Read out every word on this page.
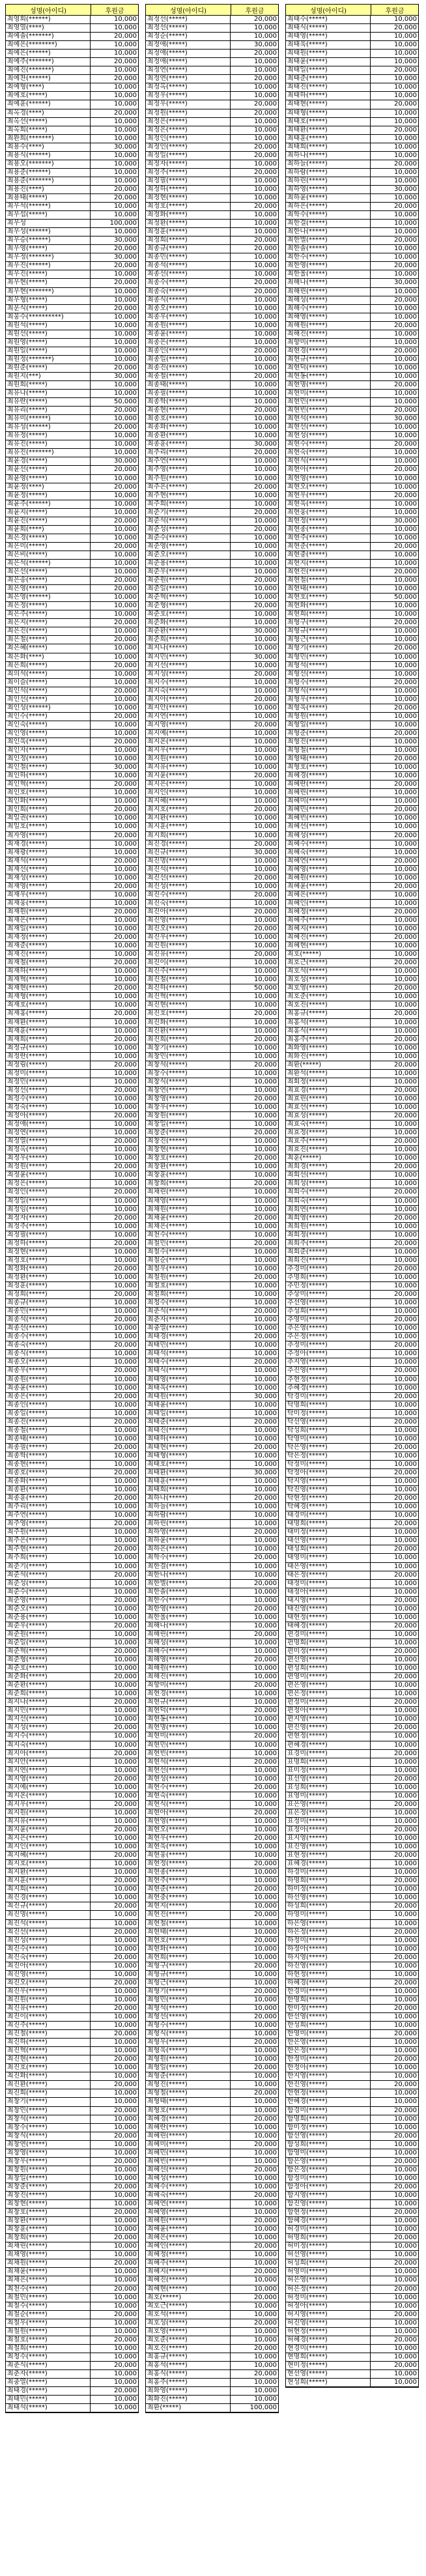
성명(아이디)	후원금
최영회(******)	10,000
최영열(****)	10,000
최예솔(*******)	20,000
최예은(********)	10,000
최예은(******)	10,000
최예주(*******)	20,000
최예진(*******)	10,000
최예찬(******)	20,000
최예형(****)	10,000
최예호(*****)	10,000
최예훈(******)	10,000
최옥경(****)	20,000
최옥선(*****)	10,000
최옥희(*****)	10,000
최완희(*******)	10,000
최용수(****)	30,000
최용식(******)	10,000
최용오(*******)	10,000
최용준(******)	10,000
최용준(*******)	10,000
최용진(****)	20,000
최용태(*****)	20,000
최우석(******)	10,000
최우섭(*****)	10,000
최우성	100,000
최우성(******)	10,000
최우승(******)	30,000
최우영(*****)	20,000
최우정(*******)	30,000
최우진(******)	20,000
최우진(*****)	10,000
최우현(*****)	20,000
최우현(*******)	10,000
최우형(*****)	10,000
최운식(*****)	20,000
최웅수(**********)	10,000
최원석(*****)	10,000
최원선(*****)	10,000
최원영(*****)	10,000
최원일(*****)	10,000
최원정(*******)	10,000
최원준(*****)	20,000
최원지(***)	30,000
최원희(*****)	10,000
최유나(*****)	10,000
최유란(*****)	50,000
최유리(*****)	20,000
최유미(******)	10,000
최유성(******)	20,000
최유정(*****)	10,000
최유진(*****)	10,000
최유진(*******)	10,000
최윤경(*****)	30,000
최윤선(*****)	20,000
최윤영(*****)	10,000
최윤정(****)	20,000
최윤정(*****)	10,000
최윤주(******)	10,000
최윤지(*****)	10,000
최윤진(*****)	20,000
최윤희(****)	10,000
최은경(*****)	10,000
최은미(*****)	20,000
최은비(*****)	10,000
최은석(******)	10,000
최은선(*****)	10,000
최은송(*****)	20,000
최은영(*****)	20,000
최은영(******)	10,000
최은정(*****)	10,000
최은주(*****)	10,000
최은지(*****)	20,000
최은진(*****)	10,000
최은철(*****)	20,000
최은혜(*****)	10,000
최은화(****)	10,000
최은희(*****)	20,000
최의석(*****)	10,000
최이슬(*****)	10,000
최인석(*****)	20,000
최인선(*****)	10,000
최인성(******)	10,000
최인수(*****)	20,000
최인숙(*****)	10,000
최인영(*****)	10,000
최인욱(*****)	20,000
최인자(*****)	10,000
최인정(*****)	10,000
최인철(*****)	30,000
최인하(*****)	10,000
최인혁(*****)	20,000
최인호(*****)	10,000
최인화(*****)	10,000
최인희(*****)	20,000
최일권(*****)	10,000
최일호(*****)	10,000
최자영(*****)	20,000
최재경(*****)	10,000
최재광(*****)	10,000
최재석(*****)	20,000
최재선(*****)	10,000
최재성(*****)	10,000
최재영(*****)	20,000
최재우(*****)	10,000
최재웅(*****)	10,000
최재원(*****)	20,000
최재은(*****)	10,000
최재일(*****)	10,000
최재정(*****)	20,000
최재준(*****)	10,000
최재진(*****)	10,000
최재철(*****)	20,000
최재하(*****)	10,000
최재혁(*****)	10,000
최재현(*****)	20,000
최재형(*****)	10,000
최재호(*****)	10,000
최재홍(*****)	20,000
최재환(*****)	10,000
최재훈(*****)	10,000
최재희(*****)	20,000
최정규(*****)	10,000
최정란(*****)	10,000
최정림(*****)	20,000
최정미(*****)	10,000
최정민(*****)	10,000
최정선(*****)	20,000
최정수(*****)	10,000
최정숙(*****)	10,000
최정아(*****)	20,000
최정애(*****)	10,000
최정연(*****)	10,000
최정열(*****)	20,000
최정옥(*****)	10,000
최정우(*****)	10,000
최정원(*****)	20,000
최정윤(*****)	10,000
최정은(*****)	10,000
최정인(*****)	20,000
최정일(*****)	10,000
최정임(*****)	10,000
최정자(*****)	20,000
최정주(*****)	10,000
최정필(*****)	10,000
최정하(*****)	20,000
최정현(*****)	10,000
최정호(*****)	10,000
최정화(*****)	20,000
최정환(*****)	10,000
최정훈(*****)	10,000
최정희(*****)	20,000
최종규(*****)	10,000
최종민(*****)	10,000
최종석(*****)	20,000
최종선(*****)	10,000
최종수(*****)	10,000
최종숙(*****)	20,000
최종식(*****)	10,000
최종오(*****)	10,000
최종우(*****)	20,000
최종원(*****)	10,000
최종윤(*****)	10,000
최종은(*****)	20,000
최종인(*****)	10,000
최종일(*****)	10,000
최종진(*****)	20,000
최종철(*****)	10,000
최종태(*****)	10,000
최종필(*****)	20,000
최종학(*****)	10,000
최종현(*****)	10,000
최종호(*****)	20,000
최종화(*****)	10,000
최종환(*****)	10,000
최종훈(*****)	20,000
최주리(*****)	10,000
최주연(*****)	10,000
최주영(*****)	20,000
최주원(*****)	10,000
최주은(*****)	10,000
최주현(*****)	20,000
최주희(*****)	10,000
최준기(*****)	10,000
최준석(*****)	20,000
최준성(*****)	10,000
최준수(*****)	10,000
최준영(*****)	20,000
최준오(*****)	10,000
최준용(*****)	10,000
최준우(*****)	20,000
최준원(*****)	10,000
최준일(*****)	10,000
최준혁(*****)	20,000
최준형(*****)	10,000
최준호(*****)	10,000
최준화(*****)	20,000
최준환(*****)	10,000
최준희(*****)	10,000
최지나(*****)	20,000
최지민(*****)	10,000
최지선(*****)	10,000
최지성(*****)	20,000
최지수(*****)	10,000
최지숙(*****)	10,000
최지아(*****)	20,000
최지안(*****)	10,000
최지연(*****)	10,000
최지영(*****)	20,000
최지예(*****)	10,000
최지온(*****)	10,000
최지우(*****)	20,000
최지원(*****)	10,000
최지유(*****)	10,000
최지윤(*****)	20,000
최지은(*****)	10,000
최지인(*****)	10,000
최지혜(*****)	20,000
최지호(*****)	10,000
최지환(*****)	10,000
최지훈(*****)	20,000
최지희(*****)	10,000
최진경(*****)	10,000
최진규(*****)	20,000
최진명(*****)	10,000
최진석(*****)	10,000
최진선(*****)	20,000
최진성(*****)	10,000
최진수(*****)	10,000
최진숙(*****)	20,000
최진아(*****)	10,000
최진영(*****)	10,000
최진오(*****)	20,000
최진우(*****)	10,000
최진원(*****)	10,000
최진유(*****)	20,000
최진이(*****)	10,000
최진주(*****)	10,000
최진철(*****)	20,000
최진하(*****)	10,000
최진혁(*****)	10,000
최진현(*****)	20,000
최진호(*****)	10,000
최진화(*****)	10,000
최진환(*****)	20,000
최진희(*****)	10,000
최창기(*****)	10,000
최창민(*****)	20,000
최창석(*****)	10,000
최창수(*****)	10,000
최창식(*****)	20,000
최창연(*****)	10,000
최창영(*****)	10,000
최창우(*****)	20,000
최창원(*****)	10,000
최창일(*****)	10,000
최창준(*****)	20,000
최창진(*****)	10,000
최창현(*****)	10,000
최창호(*****)	20,000
최창환(*****)	10,000
최창훈(*****)	10,000
최창희(*****)	20,000
최채린(*****)	10,000
최채영(*****)	10,000
최채원(*****)	20,000
최채윤(*****)	10,000
최채은(*****)	10,000
최천수(*****)	20,000
최철민(*****)	10,000
최철수(*****)	10,000
최철순(*****)	20,000
최철우(*****)	10,000
최철원(*****)	10,000
최철호(*****)	20,000
최철희(*****)	10,000
최청수(*****)	10,000
최춘식(*****)	20,000
최춘자(*****)	10,000
최충열(*****)	10,000
최태경(*****)	20,000
최태민(*****)	10,000
최태석(*****)	10,000
성명(아이디)	후원금
최정선(*****)	20,000
최정선(*****)	10,000
최정순(*****)	10,000
최정애(*****)	30,000
최정애(*****)	20,000
최정애(*****)	10,000
최정연(*****)	10,000
최정연(*****)	20,000
최정옥(*****)	10,000
최정우(*****)	10,000
최정우(*****)	20,000
최정원(*****)	20,000
최정은(*****)	10,000
최정은(*****)	10,000
최정인(*****)	10,000
최정인(*****)	20,000
최정일(*****)	20,000
최정자(*****)	10,000
최정주(*****)	20,000
최정필(*****)	10,000
최정하(*****)	10,000
최정현(*****)	10,000
최정호(*****)	20,000
최정화(*****)	10,000
최정환(*****)	10,000
최정훈(*****)	10,000
최정희(*****)	20,000
최종규(*****)	20,000
최종민(*****)	10,000
최종석(*****)	10,000
최종선(*****)	10,000
최종수(*****)	20,000
최종숙(*****)	20,000
최종식(*****)	10,000
최종오(*****)	10,000
최종우(*****)	10,000
최종원(*****)	10,000
최종윤(*****)	10,000
최종은(*****)	10,000
최종인(*****)	20,000
최종일(*****)	10,000
최종진(*****)	10,000
최종철(*****)	20,000
최종태(*****)	10,000
최종필(*****)	10,000
최종학(*****)	10,000
최종현(*****)	20,000
최종호(*****)	10,000
최종화(*****)	10,000
최종환(*****)	10,000
최종훈(*****)	30,000
최주리(*****)	20,000
최주연(*****)	10,000
최주영(*****)	10,000
최주원(*****)	10,000
최주은(*****)	20,000
최주현(*****)	10,000
최주희(*****)	10,000
최준기(*****)	20,000
최준석(*****)	10,000
최준성(*****)	20,000
최준수(*****)	10,000
최준영(*****)	10,000
최준오(*****)	10,000
최준용(*****)	10,000
최준우(*****)	10,000
최준원(*****)	20,000
최준일(*****)	10,000
최준혁(*****)	10,000
최준형(*****)	20,000
최준호(*****)	10,000
최준화(*****)	10,000
최준환(*****)	30,000
최준희(*****)	10,000
최지나(*****)	10,000
최지민(*****)	30,000
최지선(*****)	10,000
최지성(*****)	20,000
최지수(*****)	10,000
최지숙(*****)	10,000
최지아(*****)	20,000
최지안(*****)	10,000
최지연(*****)	10,000
최지영(*****)	20,000
최지예(*****)	10,000
최지온(*****)	10,000
최지우(*****)	10,000
최지원(*****)	10,000
최지유(*****)	10,000
최지윤(*****)	20,000
최지은(*****)	10,000
최지인(*****)	10,000
최지혜(*****)	10,000
최지호(*****)	20,000
최지환(*****)	10,000
최지훈(*****)	10,000
최지희(*****)	10,000
최진경(*****)	20,000
최진규(*****)	30,000
최진명(*****)	10,000
최진석(*****)	10,000
최진선(*****)	20,000
최진성(*****)	10,000
최진수(*****)	20,000
최진숙(*****)	10,000
최진아(*****)	20,000
최진영(*****)	10,000
최진오(*****)	20,000
최진우(*****)	10,000
최진원(*****)	10,000
최진유(*****)	20,000
최진이(*****)	10,000
최진주(*****)	10,000
최진철(*****)	10,000
최진하(*****)	50,000
최진혁(*****)	10,000
최진현(*****)	10,000
최진호(*****)	20,000
최진화(*****)	10,000
최진환(*****)	10,000
최진희(*****)	20,000
최창기(*****)	10,000
최창민(*****)	10,000
최창석(*****)	20,000
최창수(*****)	10,000
최창식(*****)	10,000
최창연(*****)	10,000
최창영(*****)	20,000
최창우(*****)	10,000
최창원(*****)	10,000
최창일(*****)	10,000
최창준(*****)	20,000
최창진(*****)	10,000
최창현(*****)	10,000
최창호(*****)	20,000
최창환(*****)	10,000
최창훈(*****)	10,000
최창희(*****)	20,000
최채린(*****)	10,000
최채영(*****)	10,000
최채원(*****)	10,000
최채윤(*****)	20,000
최채은(*****)	10,000
최천수(*****)	10,000
최철민(*****)	20,000
최철수(*****)	10,000
최철순(*****)	10,000
최철우(*****)	10,000
최철원(*****)	20,000
최철호(*****)	10,000
최철희(*****)	10,000
최청수(*****)	10,000
최춘식(*****)	20,000
최춘자(*****)	10,000
최충열(*****)	10,000
최태경(*****)	20,000
최태민(*****)	10,000
최태석(*****)	10,000
최태수(*****)	20,000
최태식(*****)	10,000
최태영(*****)	10,000
최태욱(*****)	10,000
최태원(*****)	30,000
최태윤(*****)	10,000
최태일(*****)	10,000
최태준(*****)	20,000
최태진(*****)	10,000
최태하(*****)	10,000
최태현(*****)	20,000
최태형(*****)	10,000
최태호(*****)	10,000
최태환(*****)	30,000
최태훈(*****)	10,000
최태희(*****)	10,000
최하나(*****)	20,000
최하늘(*****)	10,000
최하람(*****)	10,000
최하린(*****)	10,000
최하영(*****)	20,000
최하윤(*****)	10,000
최하은(*****)	10,000
최학수(*****)	20,000
최한결(*****)	10,000
최한나(*****)	10,000
최한별(*****)	20,000
최한솔(*****)	10,000
최한수(*****)	10,000
최한영(*****)	20,000
최한울(*****)	10,000
최해나(*****)	10,000
최해린(*****)	20,000
최해성(*****)	10,000
최해수(*****)	10,000
최해영(*****)	20,000
최해원(*****)	10,000
최해진(*****)	10,000
최향미(*****)	20,000
최현경(*****)	10,000
최현규(*****)	10,000
최현덕(*****)	20,000
최현동(*****)	10,000
최현명(*****)	10,000
최현미(*****)	20,000
최현민(*****)	10,000
최현빈(*****)	10,000
최현석(*****)	20,000
최현선(*****)	10,000
최현성(*****)	10,000
최현수(*****)	20,000
최현숙(*****)	10,000
최현식(*****)	10,000
최현아(*****)	20,000
최현영(*****)	10,000
최현오(*****)	10,000
최현우(*****)	20,000
최현욱(*****)	10,000
최현웅(*****)	10,000
최현정(*****)	20,000
최현종(*****)	10,000
최현주(*****)	10,000
최현준(*****)	20,000
최현중(*****)	10,000
최현지(*****)	10,000
최현진(*****)	20,000
최현철(*****)	10,000
최현태(*****)	10,000
최현호(*****)	20,000
최현화(*****)	10,000
최현희(*****)	10,000
최형구(*****)	20,000
최형규(*****)	10,000
최형근(*****)	10,000
최형기(*****)	20,000
최형민(*****)	10,000
최형석(*****)	10,000
최형선(*****)	20,000
최형수(*****)	10,000
최형식(*****)	10,000
최형우(*****)	20,000
최형욱(*****)	10,000
최형원(*****)	10,000
최형일(*****)	20,000
최형준(*****)	10,000
최형진(*****)	10,000
최형철(*****)	20,000
최형태(*****)	10,000
최형호(*****)	10,000
최혜경(*****)	20,000
최혜란(*****)	10,000
최혜린(*****)	10,000
최혜미(*****)	20,000
최혜민(*****)	10,000
최혜빈(*****)	10,000
최혜선(*****)	20,000
최혜성(*****)	10,000
최혜수(*****)	10,000
최혜숙(*****)	20,000
최혜연(*****)	10,000
최혜영(*****)	10,000
최혜원(*****)	20,000
최혜윤(*****)	10,000
최혜은(*****)	10,000
최혜인(*****)	20,000
최혜정(*****)	10,000
최혜주(*****)	10,000
최혜지(*****)	20,000
최혜진(*****)	10,000
최혜현(*****)	10,000
최호(*****)	20,000
최호근(*****)	10,000
최호석(*****)	10,000
최호성(*****)	20,000
최호영(*****)	10,000
최호준(*****)	10,000
최호진(*****)	20,000
최홍규(*****)	10,000
최홍석(*****)	10,000
최홍식(*****)	20,000
최홍주(*****)	10,000
최화영(*****)	10,000
최화진(*****)	10,000
최환(*****)	100,000
성명(아이디)	후원금
최태수(*****)	10,000
최태식(*****)	20,000
최태영(*****)	10,000
최태욱(*****)	10,000
최태원(*****)	10,000
최태윤(*****)	10,000
최태일(*****)	20,000
최태준(*****)	10,000
최태진(*****)	10,000
최태하(*****)	10,000
최태현(*****)	20,000
최태형(*****)	10,000
최태호(*****)	10,000
최태환(*****)	20,000
최태훈(*****)	10,000
최태희(*****)	10,000
최하나(*****)	10,000
최하늘(*****)	20,000
최하람(*****)	10,000
최하린(*****)	10,000
최하영(*****)	30,000
최하윤(*****)	10,000
최하은(*****)	20,000
최학수(*****)	10,000
최한결(*****)	10,000
최한나(*****)	10,000
최한별(*****)	20,000
최한솔(*****)	10,000
최한수(*****)	10,000
최한영(*****)	20,000
최한울(*****)	10,000
최해나(*****)	30,000
최해린(*****)	10,000
최해성(*****)	20,000
최해수(*****)	10,000
최해영(*****)	10,000
최해원(*****)	20,000
최해진(*****)	10,000
최향미(*****)	10,000
최현경(*****)	20,000
최현규(*****)	10,000
최현덕(*****)	10,000
최현동(*****)	10,000
최현명(*****)	20,000
최현미(*****)	10,000
최현민(*****)	10,000
최현빈(*****)	20,000
최현석(*****)	30,000
최현선(*****)	10,000
최현성(*****)	10,000
최현수(*****)	20,000
최현숙(*****)	10,000
최현식(*****)	10,000
최현아(*****)	20,000
최현영(*****)	10,000
최현오(*****)	10,000
최현우(*****)	20,000
최현욱(*****)	10,000
최현웅(*****)	10,000
최현정(*****)	30,000
최현종(*****)	10,000
최현주(*****)	10,000
최현준(*****)	20,000
최현중(*****)	10,000
최현지(*****)	10,000
최현진(*****)	20,000
최현철(*****)	10,000
최현태(*****)	10,000
최현호(*****)	50,000
최현화(*****)	10,000
최현희(*****)	10,000
최형구(*****)	20,000
최형규(*****)	10,000
최형근(*****)	10,000
최형기(*****)	20,000
최형민(*****)	10,000
최형석(*****)	10,000
최형선(*****)	10,000
최형수(*****)	20,000
최형식(*****)	10,000
최형우(*****)	10,000
최형욱(*****)	20,000
최형원(*****)	10,000
최형일(*****)	10,000
최형준(*****)	20,000
최형진(*****)	10,000
최형철(*****)	10,000
최형태(*****)	20,000
최형호(*****)	10,000
최혜경(*****)	10,000
최혜란(*****)	20,000
최혜린(*****)	10,000
최혜미(*****)	10,000
최혜민(*****)	20,000
최혜빈(*****)	10,000
최혜선(*****)	10,000
최혜성(*****)	20,000
최혜수(*****)	10,000
최혜숙(*****)	10,000
최혜연(*****)	20,000
최혜영(*****)	10,000
최혜원(*****)	10,000
최혜윤(*****)	20,000
최혜은(*****)	10,000
최혜인(*****)	10,000
최혜정(*****)	20,000
최혜주(*****)	10,000
최혜지(*****)	10,000
최혜진(*****)	20,000
최혜현(*****)	10,000
최호(*****)	10,000
최호근(*****)	20,000
최호석(*****)	10,000
최호성(*****)	10,000
최호영(*****)	20,000
최호준(*****)	10,000
최호진(*****)	10,000
최홍규(*****)	20,000
최홍석(*****)	10,000
최홍식(*****)	10,000
최홍주(*****)	20,000
최화영(*****)	10,000
최화진(*****)	10,000
최환(*****)	20,000
최환석(*****)	10,000
최회정(*****)	10,000
최효경(*****)	20,000
최효린(*****)	10,000
최효선(*****)	10,000
최효성(*****)	20,000
최효숙(*****)	10,000
최효정(*****)	10,000
최효주(*****)	20,000
최효진(*****)	10,000
최훈(*****)	10,000
최희경(*****)	20,000
최희선(*****)	10,000
최희성(*****)	10,000
최희수(*****)	20,000
최희숙(*****)	10,000
최희연(*****)	10,000
최희영(*****)	20,000
최희원(*****)	10,000
최희정(*****)	10,000
최희주(*****)	20,000
최희준(*****)	10,000
최희진(*****)	10,000
추경미(*****)	20,000
추명희(*****)	10,000
추민정(*****)	10,000
추상미(*****)	20,000
추선영(*****)	10,000
추성희(*****)	10,000
추영미(*****)	20,000
추은영(*****)	10,000
추은정(*****)	10,000
추정미(*****)	20,000
추정아(*****)	10,000
추지영(*****)	10,000
추진영(*****)	20,000
추현정(*****)	10,000
추혜경(*****)	10,000
탁경미(*****)	20,000
탁명희(*****)	10,000
탁미정(*****)	10,000
탁선영(*****)	20,000
탁성희(*****)	10,000
탁영미(*****)	10,000
탁은영(*****)	20,000
탁은정(*****)	10,000
탁정미(*****)	10,000
탁정아(*****)	20,000
탁지영(*****)	10,000
탁진영(*****)	10,000
탁현정(*****)	20,000
탁혜경(*****)	10,000
태경미(*****)	10,000
태명희(*****)	20,000
태미정(*****)	10,000
태선영(*****)	10,000
태성희(*****)	20,000
태영미(*****)	10,000
태은영(*****)	10,000
태은정(*****)	20,000
태정미(*****)	10,000
태정아(*****)	10,000
태지영(*****)	20,000
태진영(*****)	10,000
태현정(*****)	10,000
태혜경(*****)	20,000
편경미(*****)	10,000
편명희(*****)	10,000
편미정(*****)	20,000
편선영(*****)	10,000
편성희(*****)	10,000
편영미(*****)	20,000
편은영(*****)	10,000
편은정(*****)	10,000
편정미(*****)	20,000
편정아(*****)	10,000
편지영(*****)	10,000
편진영(*****)	20,000
편현정(*****)	10,000
편혜경(*****)	10,000
표경미(*****)	20,000
표명희(*****)	10,000
표미정(*****)	10,000
표선영(*****)	20,000
표성희(*****)	10,000
표영미(*****)	10,000
표은영(*****)	20,000
표은정(*****)	10,000
표정미(*****)	10,000
표정아(*****)	20,000
표지영(*****)	10,000
표진영(*****)	10,000
표현정(*****)	20,000
표혜경(*****)	10,000
하경미(*****)	10,000
하명희(*****)	20,000
하미정(*****)	10,000
하선영(*****)	10,000
하성희(*****)	20,000
하영미(*****)	10,000
하은영(*****)	10,000
하은정(*****)	20,000
하정미(*****)	10,000
하정아(*****)	10,000
하지영(*****)	20,000
하진영(*****)	10,000
하현정(*****)	10,000
하혜경(*****)	20,000
한경미(*****)	10,000
한명희(*****)	10,000
한미정(*****)	20,000
한선영(*****)	10,000
한성희(*****)	10,000
한영미(*****)	20,000
한은영(*****)	10,000
한은정(*****)	10,000
한정미(*****)	20,000
한정아(*****)	10,000
한지영(*****)	10,000
한진영(*****)	20,000
한현정(*****)	10,000
한혜경(*****)	10,000
함경미(*****)	20,000
함명희(*****)	10,000
함미정(*****)	10,000
함선영(*****)	20,000
함성희(*****)	10,000
함영미(*****)	10,000
함은영(*****)	20,000
함은정(*****)	10,000
함정미(*****)	10,000
함정아(*****)	20,000
함지영(*****)	10,000
함진영(*****)	10,000
함현정(*****)	20,000
함혜경(*****)	10,000
허경미(*****)	10,000
허명희(*****)	20,000
허미정(*****)	10,000
허선영(*****)	10,000
허성희(*****)	20,000
허영미(*****)	10,000
허은영(*****)	10,000
허은정(*****)	20,000
허정미(*****)	10,000
허정아(*****)	10,000
허지영(*****)	20,000
허진영(*****)	10,000
허현정(*****)	10,000
허혜경(*****)	20,000
현경미(*****)	10,000
현명희(*****)	10,000
현미정(*****)	20,000
현선영(*****)	10,000
현성희(*****)	10,000
